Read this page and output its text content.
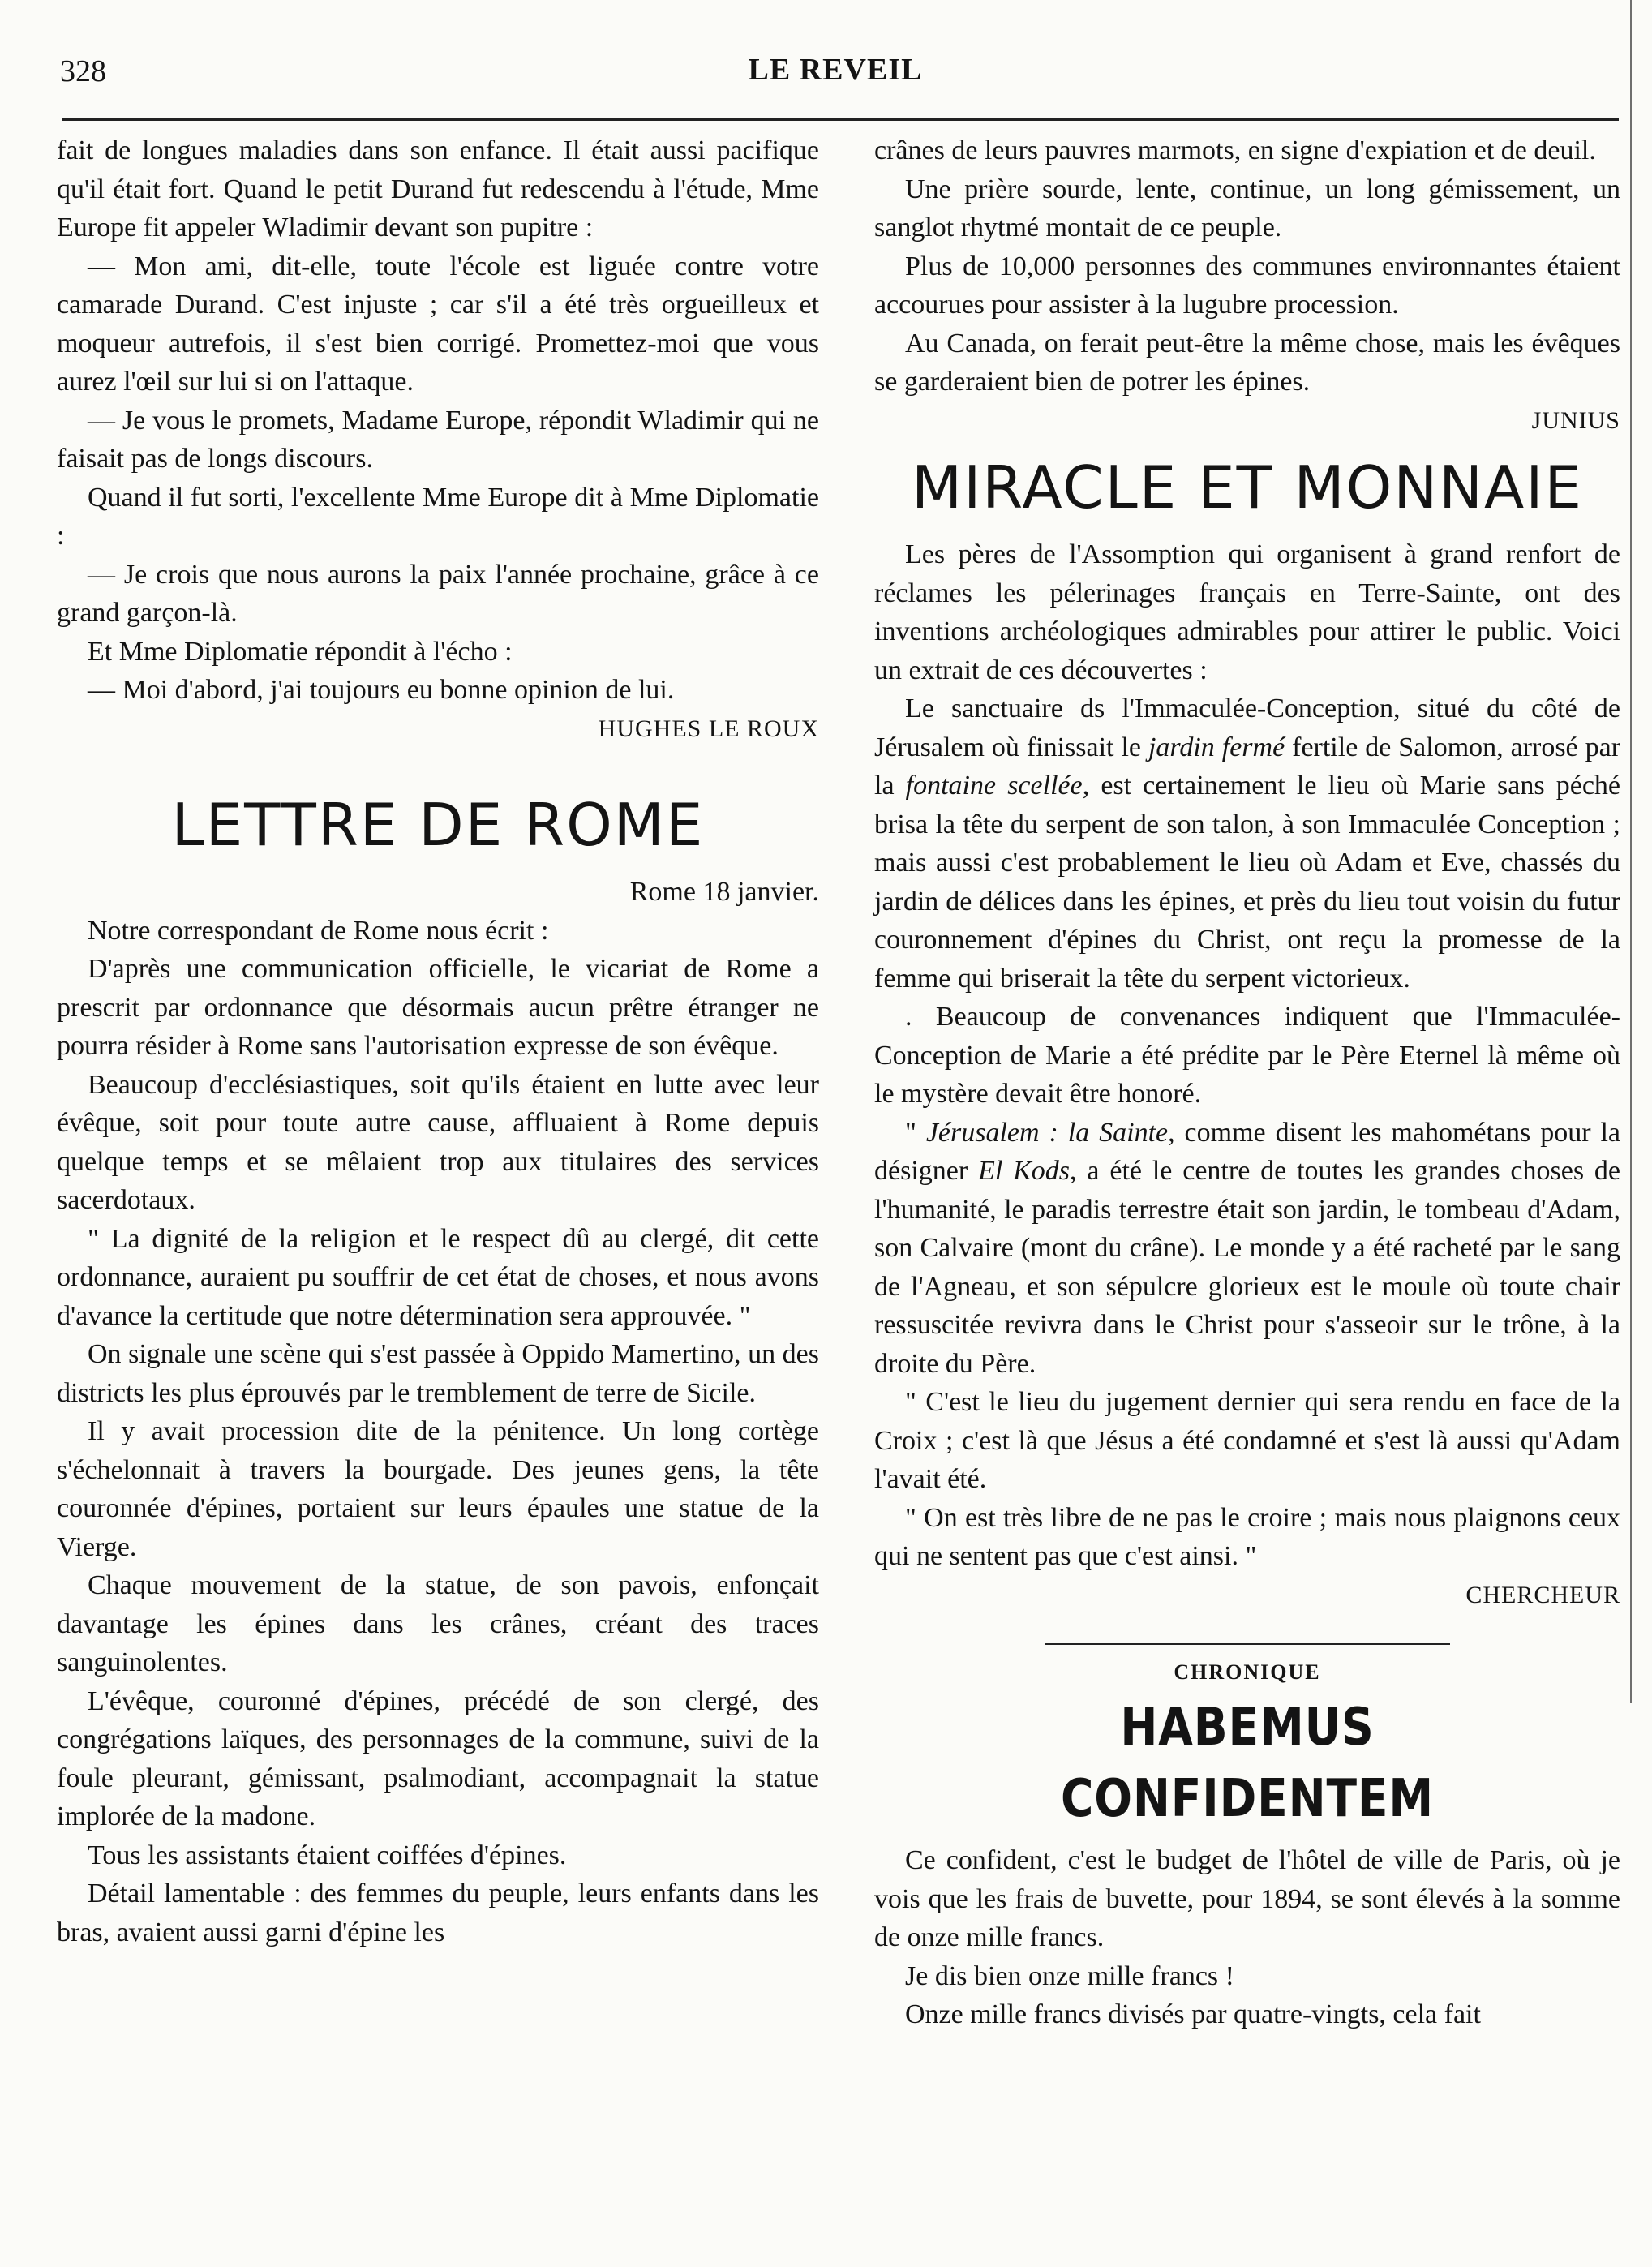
328	LE REVEIL

fait de longues maladies dans son enfance. Il était aussi pacifique qu'il était fort. Quand le petit Durand fut redescendu à l'étude, Mme Europe fit appeler Wladimir devant son pupitre :

— Mon ami, dit-elle, toute l'école est liguée contre votre camarade Durand. C'est injuste ; car s'il a été très orgueilleux et moqueur autrefois, il s'est bien corrigé. Promettez-moi que vous aurez l'œil sur lui si on l'attaque.

— Je vous le promets, Madame Europe, répondit Wladimir qui ne faisait pas de longs discours.

Quand il fut sorti, l'excellente Mme Europe dit à Mme Diplomatie :

— Je crois que nous aurons la paix l'année prochaine, grâce à ce grand garçon-là.

Et Mme Diplomatie répondit à l'écho :

— Moi d'abord, j'ai toujours eu bonne opinion de lui.

HUGHES LE ROUX

LETTRE DE ROME

Rome 18 janvier.

Notre correspondant de Rome nous écrit :

D'après une communication officielle, le vicariat de Rome a prescrit par ordonnance que désormais aucun prêtre étranger ne pourra résider à Rome sans l'autorisation expresse de son évêque.

Beaucoup d'ecclésiastiques, soit qu'ils étaient en lutte avec leur évêque, soit pour toute autre cause, affluaient à Rome depuis quelque temps et se mêlaient trop aux titulaires des services sacerdotaux.

" La dignité de la religion et le respect dû au clergé, dit cette ordonnance, auraient pu souffrir de cet état de choses, et nous avons d'avance la certitude que notre détermination sera approuvée. "

On signale une scène qui s'est passée à Oppido Mamertino, un des districts les plus éprouvés par le tremblement de terre de Sicile.

Il y avait procession dite de la pénitence. Un long cortège s'échelonnait à travers la bourgade. Des jeunes gens, la tête couronnée d'épines, portaient sur leurs épaules une statue de la Vierge.

Chaque mouvement de la statue, de son pavois, enfonçait davantage les épines dans les crânes, créant des traces sanguinolentes.

L'évêque, couronné d'épines, précédé de son clergé, des congrégations laïques, des personnages de la commune, suivi de la foule pleurant, gémissant, psalmodiant, accompagnait la statue implorée de la madone.

Tous les assistants étaient coiffées d'épines.

Détail lamentable : des femmes du peuple, leurs enfants dans les bras, avaient aussi garni d'épine les

crânes de leurs pauvres marmots, en signe d'expiation et de deuil.

Une prière sourde, lente, continue, un long gémissement, un sanglot rhytmé montait de ce peuple.

Plus de 10,000 personnes des communes environnantes étaient accourues pour assister à la lugubre procession.

Au Canada, on ferait peut-être la même chose, mais les évêques se garderaient bien de potrer les épines.

JUNIUS

MIRACLE ET MONNAIE

Les pères de l'Assomption qui organisent à grand renfort de réclames les pélerinages français en Terre-Sainte, ont des inventions archéologiques admirables pour attirer le public. Voici un extrait de ces découvertes :

Le sanctuaire ds l'Immaculée-Conception, situé du côté de Jérusalem où finissait le jardin fermé fertile de Salomon, arrosé par la fontaine scellée, est certainement le lieu où Marie sans péché brisa la tête du serpent de son talon, à son Immaculée Conception ; mais aussi c'est probablement le lieu où Adam et Eve, chassés du jardin de délices dans les épines, et près du lieu tout voisin du futur couronnement d'épines du Christ, ont reçu la promesse de la femme qui briserait la tête du serpent victorieux.

. Beaucoup de convenances indiquent que l'Immaculée-Conception de Marie a été prédite par le Père Eternel là même où le mystère devait être honoré.

" Jérusalem : la Sainte, comme disent les mahométans pour la désigner El Kods, a été le centre de toutes les grandes choses de l'humanité, le paradis terrestre était son jardin, le tombeau d'Adam, son Calvaire (mont du crâne). Le monde y a été racheté par le sang de l'Agneau, et son sépulcre glorieux est le moule où toute chair ressuscitée revivra dans le Christ pour s'asseoir sur le trône, à la droite du Père.

" C'est le lieu du jugement dernier qui sera rendu en face de la Croix ; c'est là que Jésus a été condamné et s'est là aussi qu'Adam l'avait été.

" On est très libre de ne pas le croire ; mais nous plaignons ceux qui ne sentent pas que c'est ainsi. "

CHERCHEUR

CHRONIQUE
HABEMUS CONFIDENTEM

Ce confident, c'est le budget de l'hôtel de ville de Paris, où je vois que les frais de buvette, pour 1894, se sont élevés à la somme de onze mille francs.

Je dis bien onze mille francs !

Onze mille francs divisés par quatre-vingts, cela fait
